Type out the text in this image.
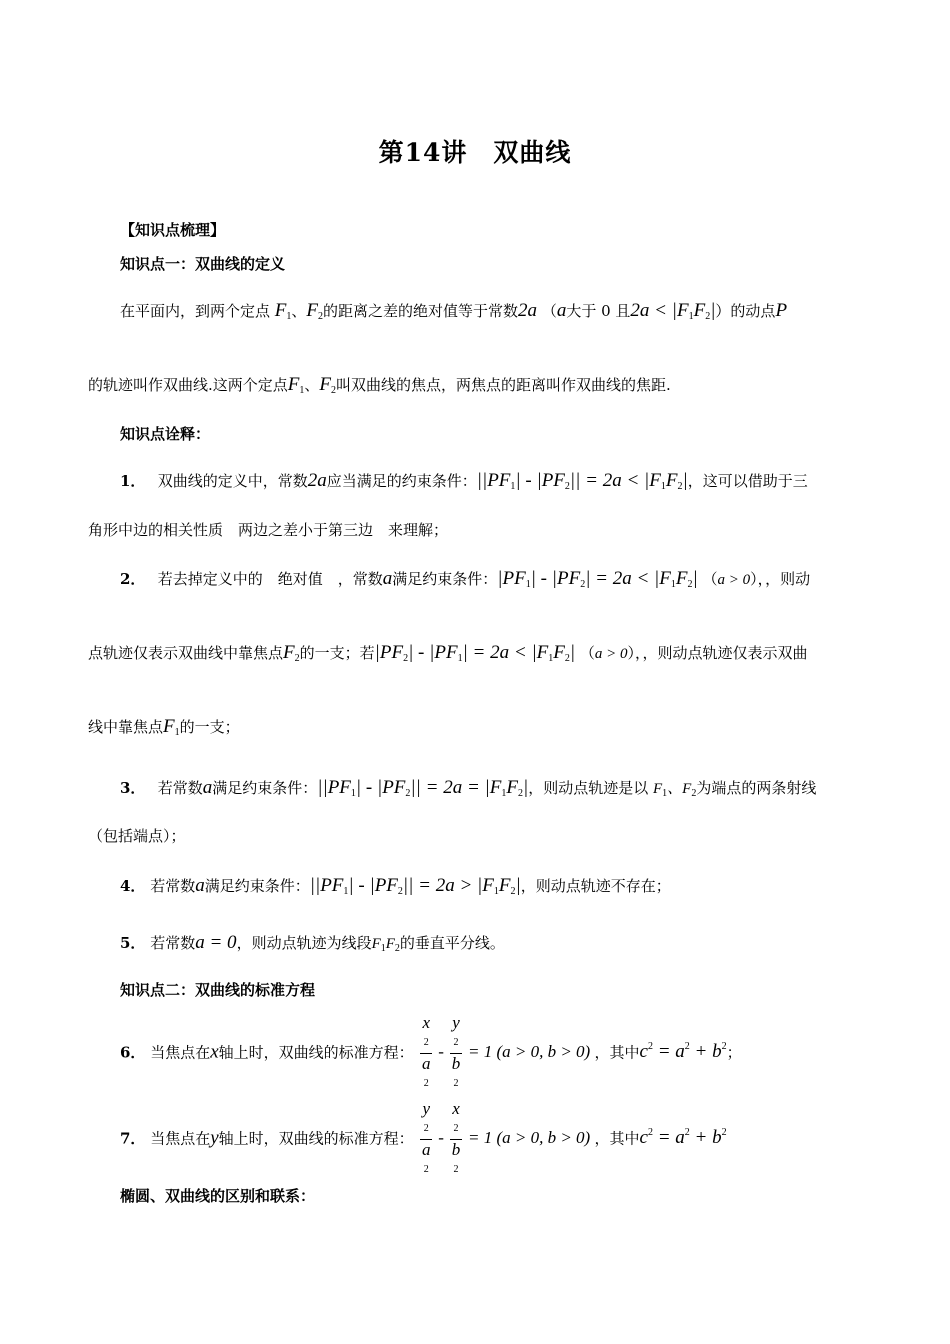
第14讲　双曲线
【知识点梳理】
知识点一：双曲线的定义
在平面内，到两个定点 $F_1$、$F_2$的距离之差的绝对值等于常数2a （a大于 0 且$2a < |F_1F_2|$）的动点P
的轨迹叫作双曲线.这两个定点$F_1$、$F_2$叫双曲线的焦点，两焦点的距离叫作双曲线的焦距.
知识点诠释：
1．　 双曲线的定义中，常数2a应当满足的约束条件：$||PF_1| - |PF_2|| = 2a < |F_1F_2|$，这可以借助于三
角形中边的相关性质　两边之差小于第三边　来理解；
2．　 若去掉定义中的　绝对值　，常数a满足约束条件：$|PF_1| - |PF_2| = 2a < |F_1F_2|$ （a > 0），，则动
点轨迹仅表示双曲线中靠焦点$F_2$的一支；若$|PF_2| - |PF_1| = 2a < |F_1F_2|$ （a > 0），，则动点轨迹仅表示双曲
线中靠焦点$F_1$的一支；
3．　 若常数a满足约束条件：$||PF_1| - |PF_2|| = 2a = |F_1F_2|$，则动点轨迹是以 $F_1$、$F_2$为端点的两条射线
（包括端点）；
4． 若常数a满足约束条件：$||PF_1| - |PF_2|| = 2a > |F_1F_2|$，则动点轨迹不存在；
5． 若常数a = 0，则动点轨迹为线段$F_1F_2$的垂直平分线。
知识点二：双曲线的标准方程
6． 当焦点在x轴上时，双曲线的标准方程： x
2
a
2 - y
2
b
2 = 1 (a > 0, b > 0) ，其中$c^2 = a^2 + b^2$；
7． 当焦点在y轴上时，双曲线的标准方程： y
2
a
2 - x
2
b
2 = 1 (a > 0, b > 0) ，其中$c^2 = a^2 + b^2$
椭圆、双曲线的区别和联系：
